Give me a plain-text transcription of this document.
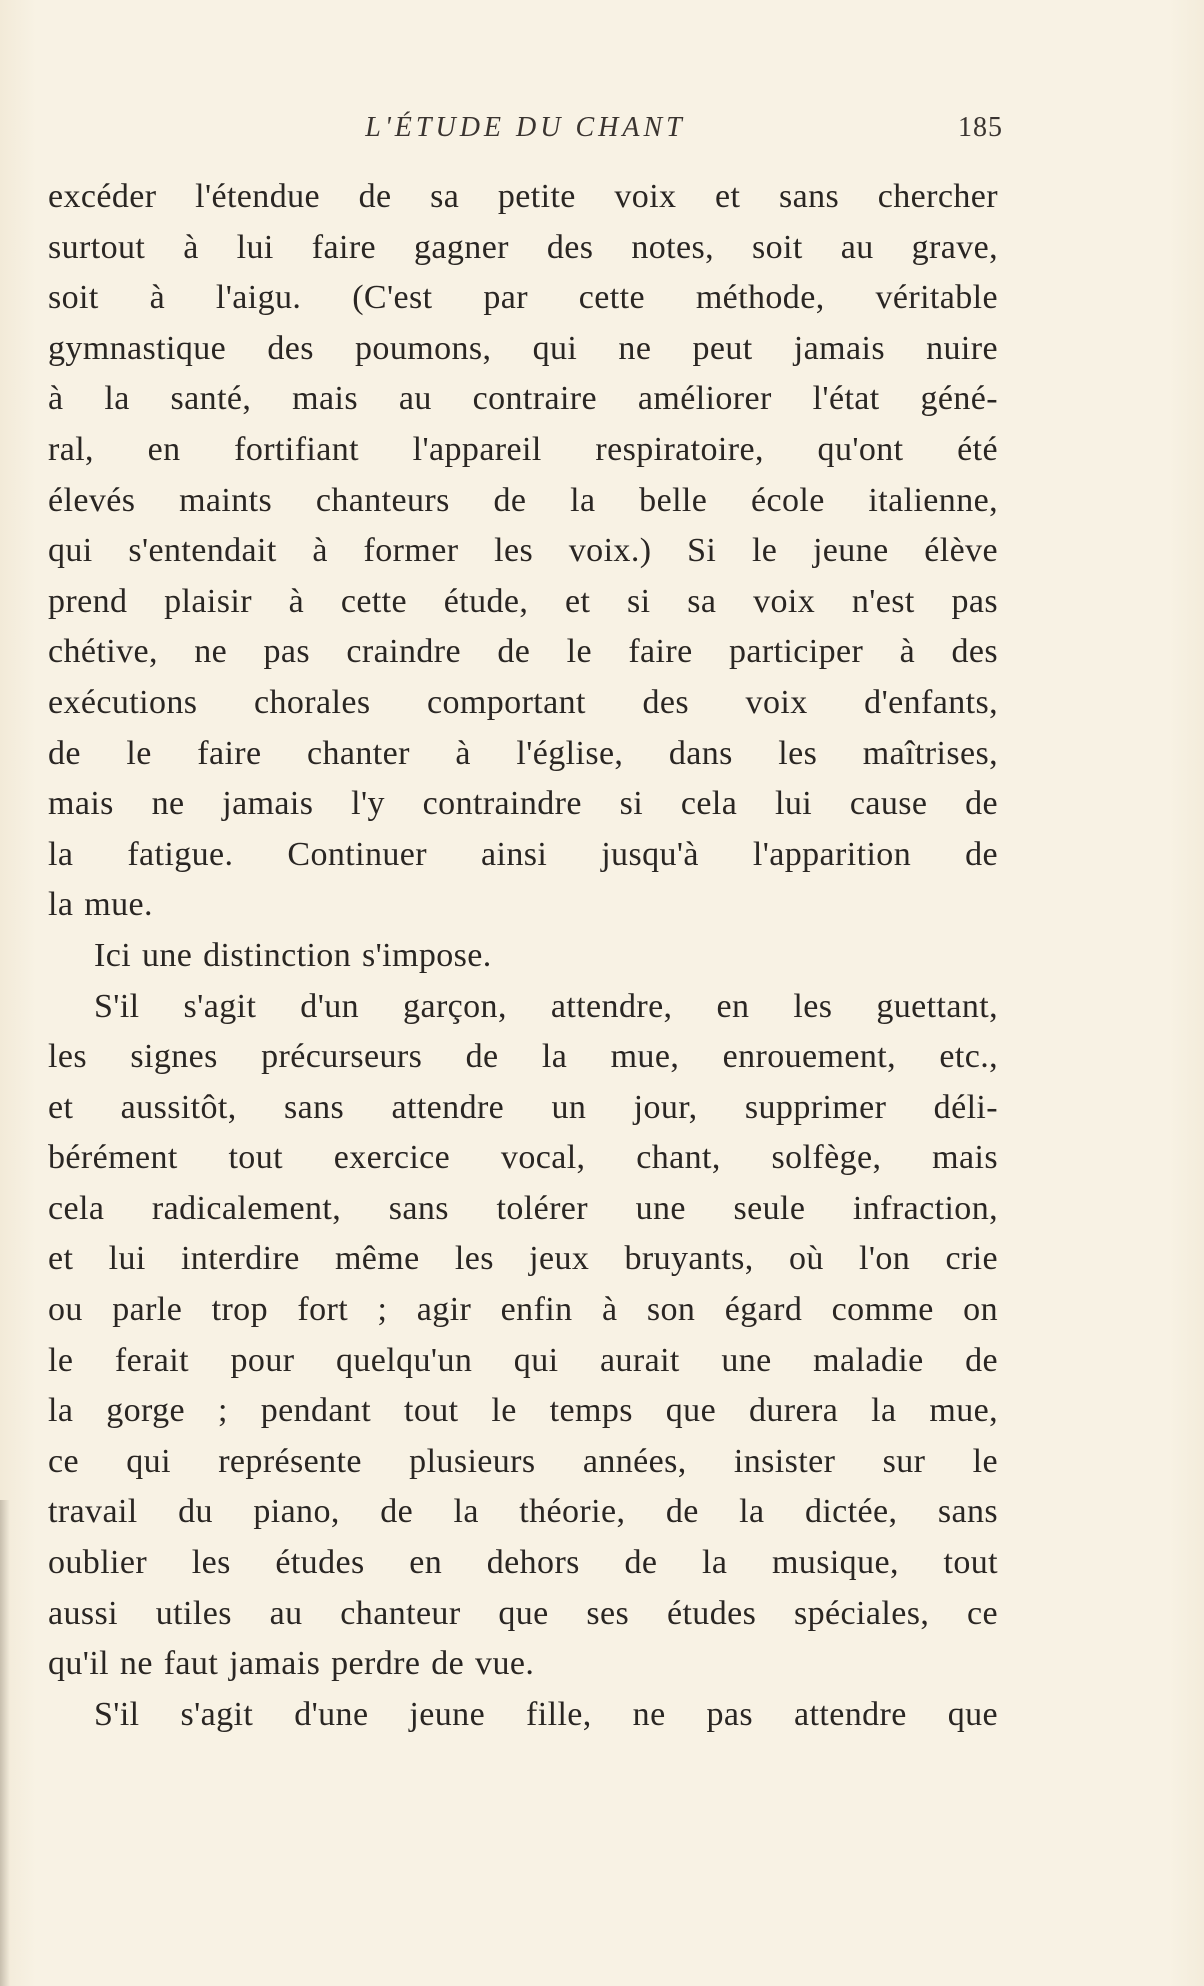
L'ÉTUDE DU CHANT	185
excéder l'étendue de sa petite voix et sans chercher
surtout à lui faire gagner des notes, soit au grave,
soit à l'aigu. (C'est par cette méthode, véritable
gymnastique des poumons, qui ne peut jamais nuire
à la santé, mais au contraire améliorer l'état géné-
ral, en fortifiant l'appareil respiratoire, qu'ont été
élevés maints chanteurs de la belle école italienne,
qui s'entendait à former les voix.) Si le jeune élève
prend plaisir à cette étude, et si sa voix n'est pas
chétive, ne pas craindre de le faire participer à des
exécutions chorales comportant des voix d'enfants,
de le faire chanter à l'église, dans les maîtrises,
mais ne jamais l'y contraindre si cela lui cause de
la fatigue. Continuer ainsi jusqu'à l'apparition de
la mue.
Ici une distinction s'impose.
S'il s'agit d'un garçon, attendre, en les guettant,
les signes précurseurs de la mue, enrouement, etc.,
et aussitôt, sans attendre un jour, supprimer déli-
bérément tout exercice vocal, chant, solfège, mais
cela radicalement, sans tolérer une seule infraction,
et lui interdire même les jeux bruyants, où l'on crie
ou parle trop fort ; agir enfin à son égard comme on
le ferait pour quelqu'un qui aurait une maladie de
la gorge ; pendant tout le temps que durera la mue,
ce qui représente plusieurs années, insister sur le
travail du piano, de la théorie, de la dictée, sans
oublier les études en dehors de la musique, tout
aussi utiles au chanteur que ses études spéciales, ce
qu'il ne faut jamais perdre de vue.
S'il s'agit d'une jeune fille, ne pas attendre que
